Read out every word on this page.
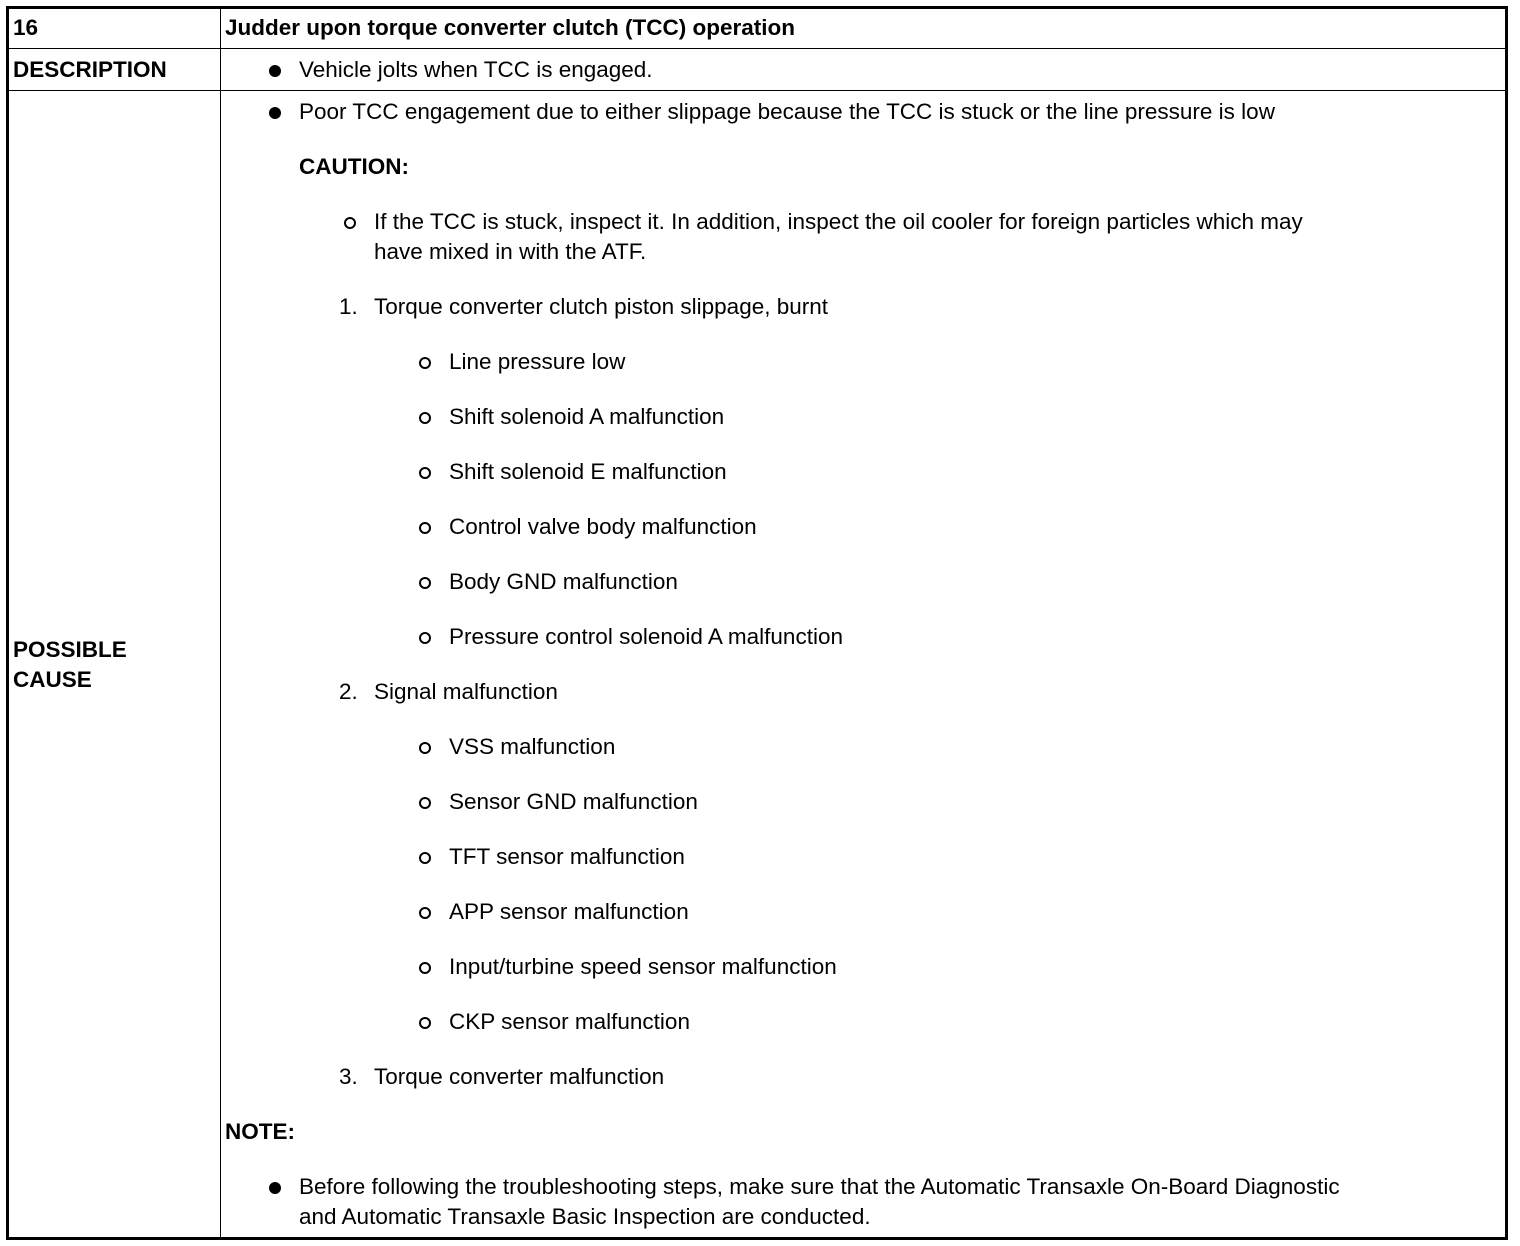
16	Judder upon torque converter clutch (TCC) operation
DESCRIPTION	Vehicle jolts when TCC is engaged.
POSSIBLE
CAUSE
Poor TCC engagement due to either slippage because the TCC is stuck or the line pressure is low
CAUTION:
If the TCC is stuck, inspect it. In addition, inspect the oil cooler for foreign particles which may
have mixed in with the ATF.
1. Torque converter clutch piston slippage, burnt
Line pressure low
Shift solenoid A malfunction
Shift solenoid E malfunction
Control valve body malfunction
Body GND malfunction
Pressure control solenoid A malfunction
2. Signal malfunction
VSS malfunction
Sensor GND malfunction
TFT sensor malfunction
APP sensor malfunction
Input/turbine speed sensor malfunction
CKP sensor malfunction
3. Torque converter malfunction
NOTE:
Before following the troubleshooting steps, make sure that the Automatic Transaxle On-Board Diagnostic
and Automatic Transaxle Basic Inspection are conducted.
